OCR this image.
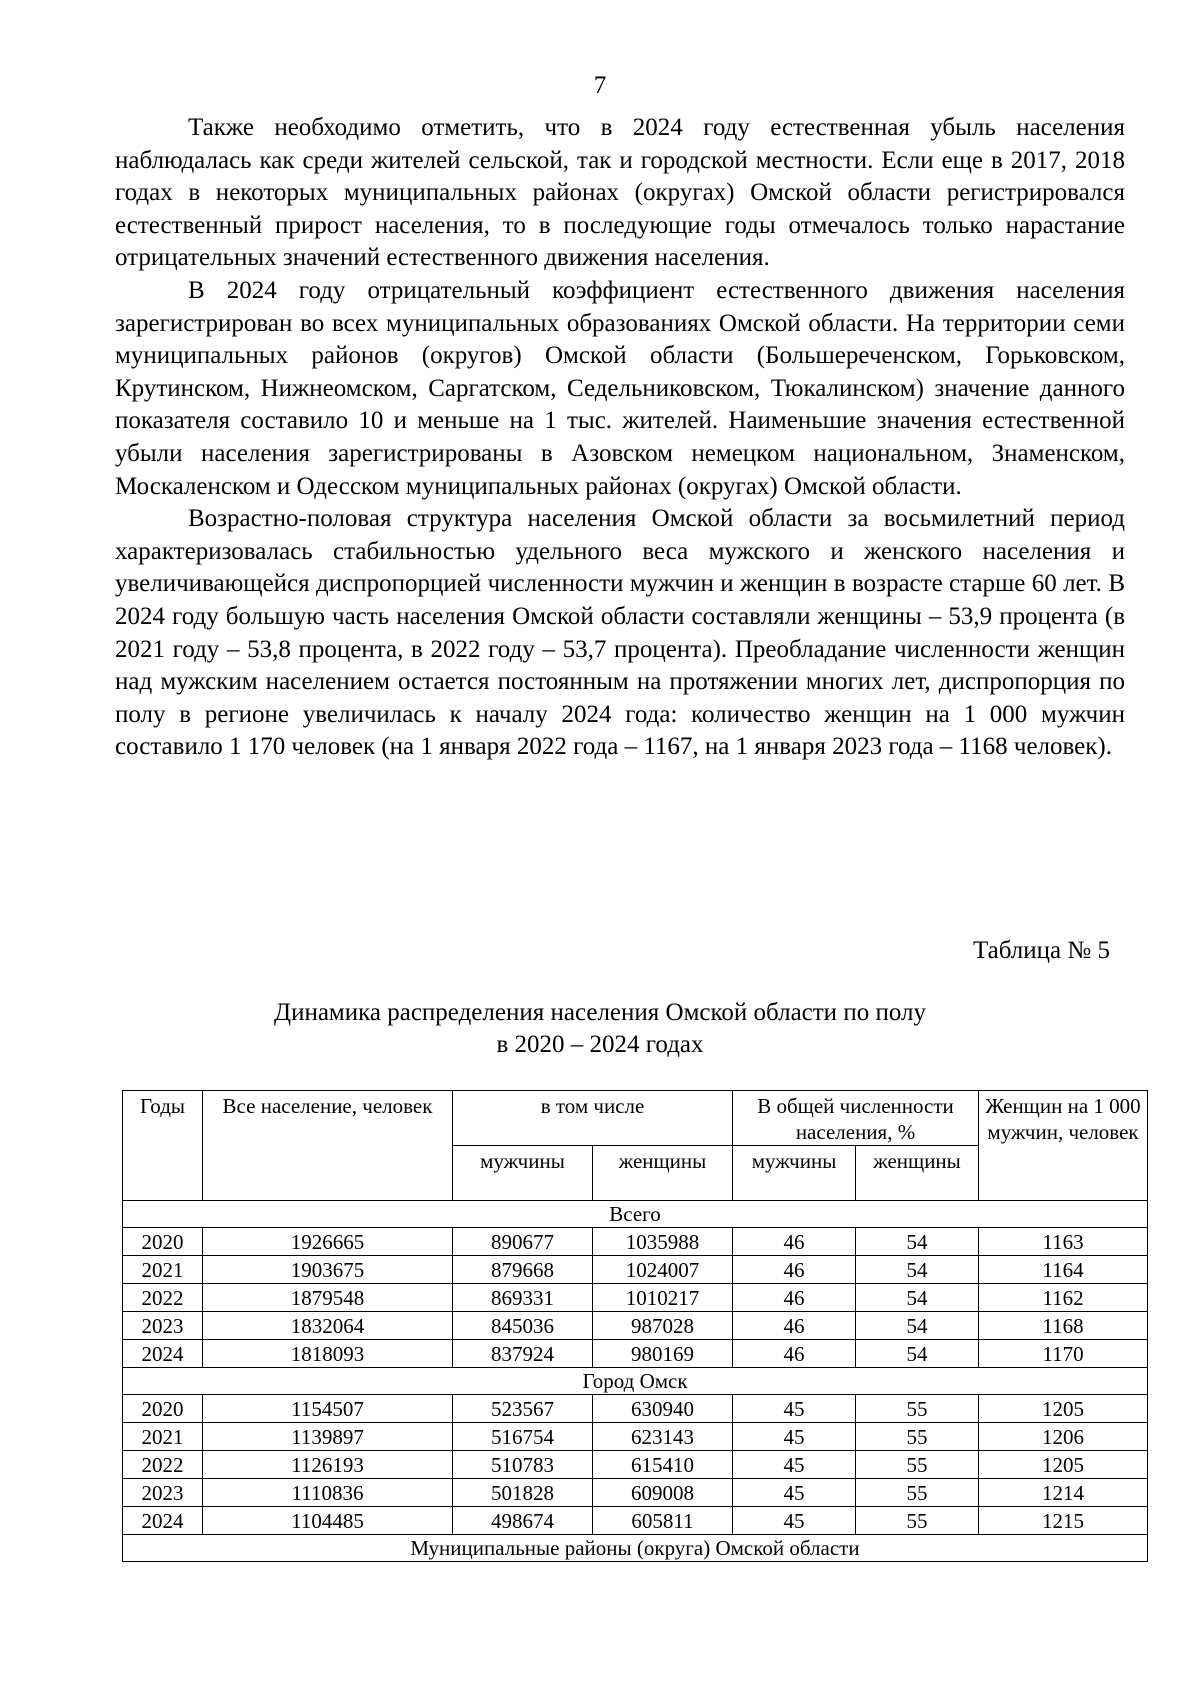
7

Также необходимо отметить, что в 2024 году естественная убыль населения наблюдалась как среди жителей сельской, так и городской местности. Если еще в 2017, 2018 годах в некоторых муниципальных районах (округах) Омской области регистрировался естественный прирост населения, то в последующие годы отмечалось только нарастание отрицательных значений естественного движения населения.

В 2024 году отрицательный коэффициент естественного движения населения зарегистрирован во всех муниципальных образованиях Омской области. На территории семи муниципальных районов (округов) Омской области (Большереченском, Горьковском, Крутинском, Нижнеомском, Саргатском, Седельниковском, Тюкалинском) значение данного показателя составило 10 и меньше на 1 тыс. жителей. Наименьшие значения естественной убыли населения зарегистрированы в Азовском немецком национальном, Знаменском, Москаленском и Одесском муниципальных районах (округах) Омской области.

Возрастно-половая структура населения Омской области за восьмилетний период характеризовалась стабильностью удельного веса мужского и женского населения и увеличивающейся диспропорцией численности мужчин и женщин в возрасте старше 60 лет. В 2024 году большую часть населения Омской области составляли женщины – 53,9 процента (в 2021 году – 53,8 процента, в 2022 году – 53,7 процента). Преобладание численности женщин над мужским населением остается постоянным на протяжении многих лет, диспропорция по полу в регионе увеличилась к началу 2024 года: количество женщин на 1 000 мужчин составило 1 170 человек (на 1 января 2022 года – 1167, на 1 января 2023 года – 1168 человек).

Таблица № 5
Динамика распределения населения Омской области по полу
в 2020 – 2024 годах
Годы	Все население, человек	в том числе		В общей численности населения, %		Женщин на 1 000 мужчин, человек
		мужчины	женщины	мужчины	женщины	
Всего						
2020	1926665	890677	1035988	46	54	1163
2021	1903675	879668	1024007	46	54	1164
2022	1879548	869331	1010217	46	54	1162
2023	1832064	845036	987028	46	54	1168
2024	1818093	837924	980169	46	54	1170
Город Омск						
2020	1154507	523567	630940	45	55	1205
2021	1139897	516754	623143	45	55	1206
2022	1126193	510783	615410	45	55	1205
2023	1110836	501828	609008	45	55	1214
2024	1104485	498674	605811	45	55	1215
Муниципальные районы (округа) Омской области						
